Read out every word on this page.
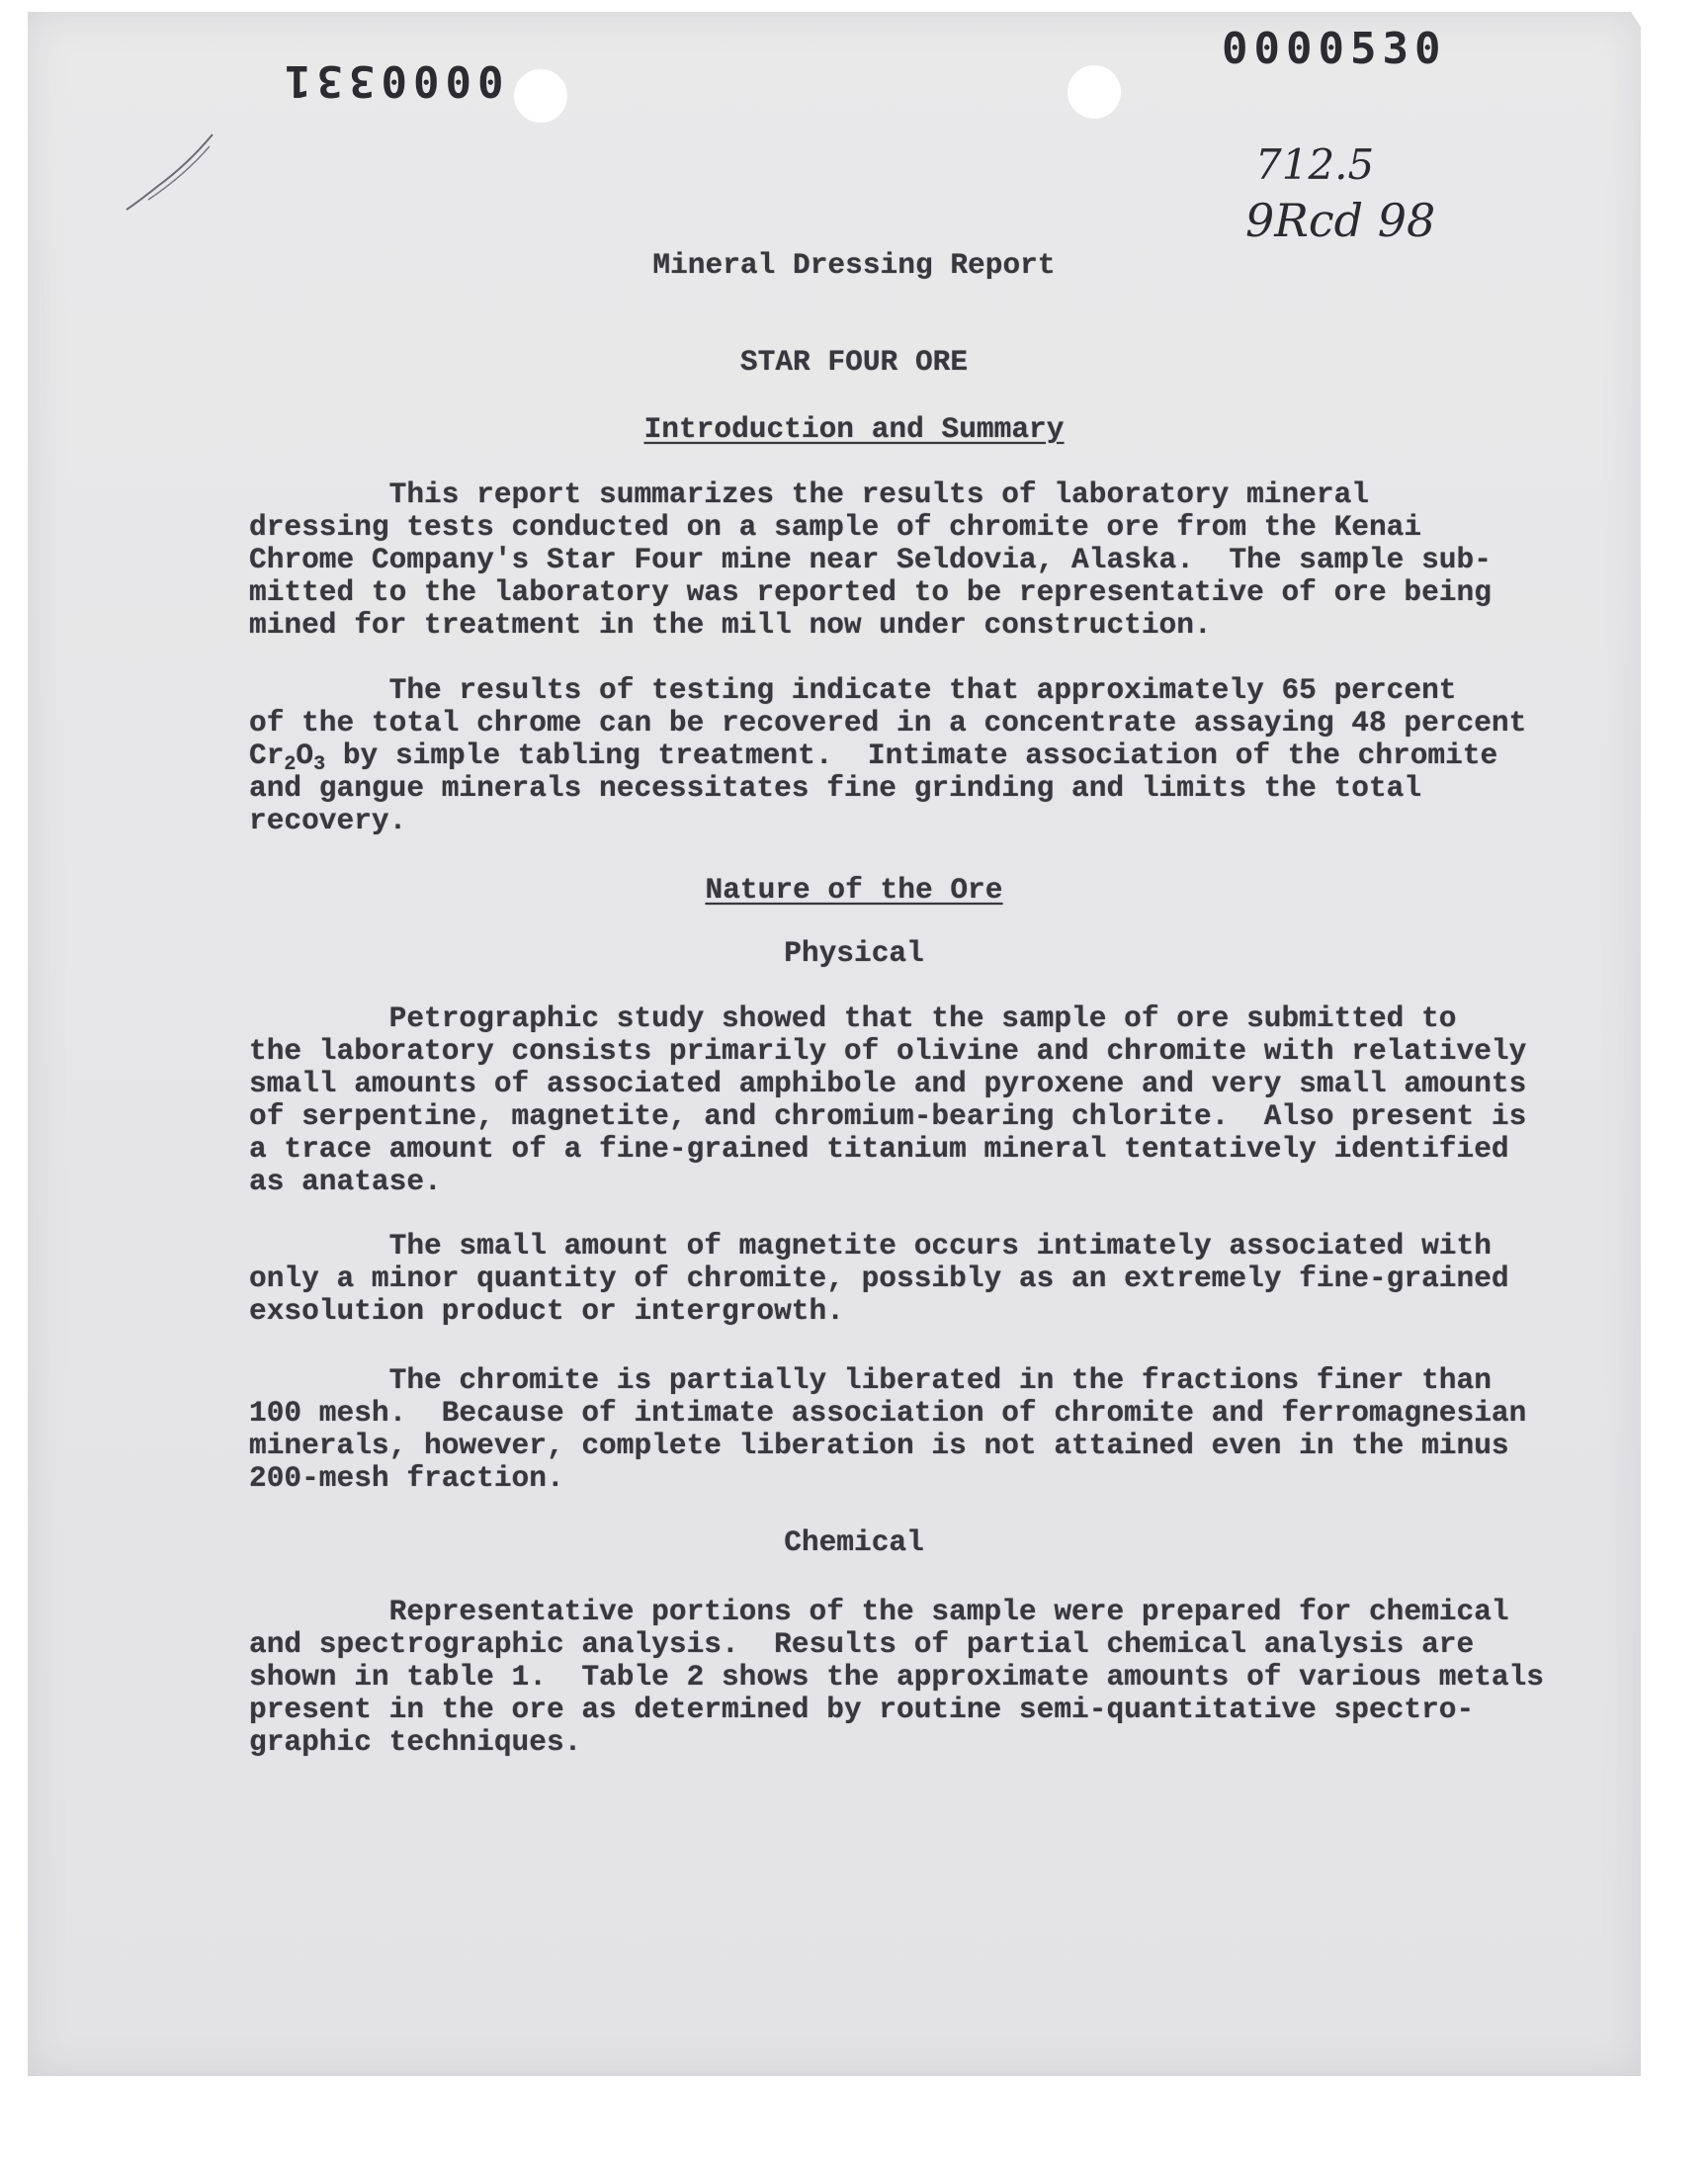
0000331
0000530
712.5
9Rcd 98
Mineral Dressing Report
STAR FOUR ORE
Introduction and Summary
This report summarizes the results of laboratory mineral
dressing tests conducted on a sample of chromite ore from the Kenai
Chrome Company's Star Four mine near Seldovia, Alaska.  The sample sub-
mitted to the laboratory was reported to be representative of ore being
mined for treatment in the mill now under construction.
The results of testing indicate that approximately 65 percent
of the total chrome can be recovered in a concentrate assaying 48 percent
$Cr_2O_3$ by simple tabling treatment.  Intimate association of the chromite
and gangue minerals necessitates fine grinding and limits the total
recovery.
Nature of the Ore
Physical
Petrographic study showed that the sample of ore submitted to
the laboratory consists primarily of olivine and chromite with relatively
small amounts of associated amphibole and pyroxene and very small amounts
of serpentine, magnetite, and chromium-bearing chlorite.  Also present is
a trace amount of a fine-grained titanium mineral tentatively identified
as anatase.
The small amount of magnetite occurs intimately associated with
only a minor quantity of chromite, possibly as an extremely fine-grained
exsolution product or intergrowth.
The chromite is partially liberated in the fractions finer than
100 mesh.  Because of intimate association of chromite and ferromagnesian
minerals, however, complete liberation is not attained even in the minus
200-mesh fraction.
Chemical
Representative portions of the sample were prepared for chemical
and spectrographic analysis.  Results of partial chemical analysis are
shown in table 1.  Table 2 shows the approximate amounts of various metals
present in the ore as determined by routine semi-quantitative spectro-
graphic techniques.
